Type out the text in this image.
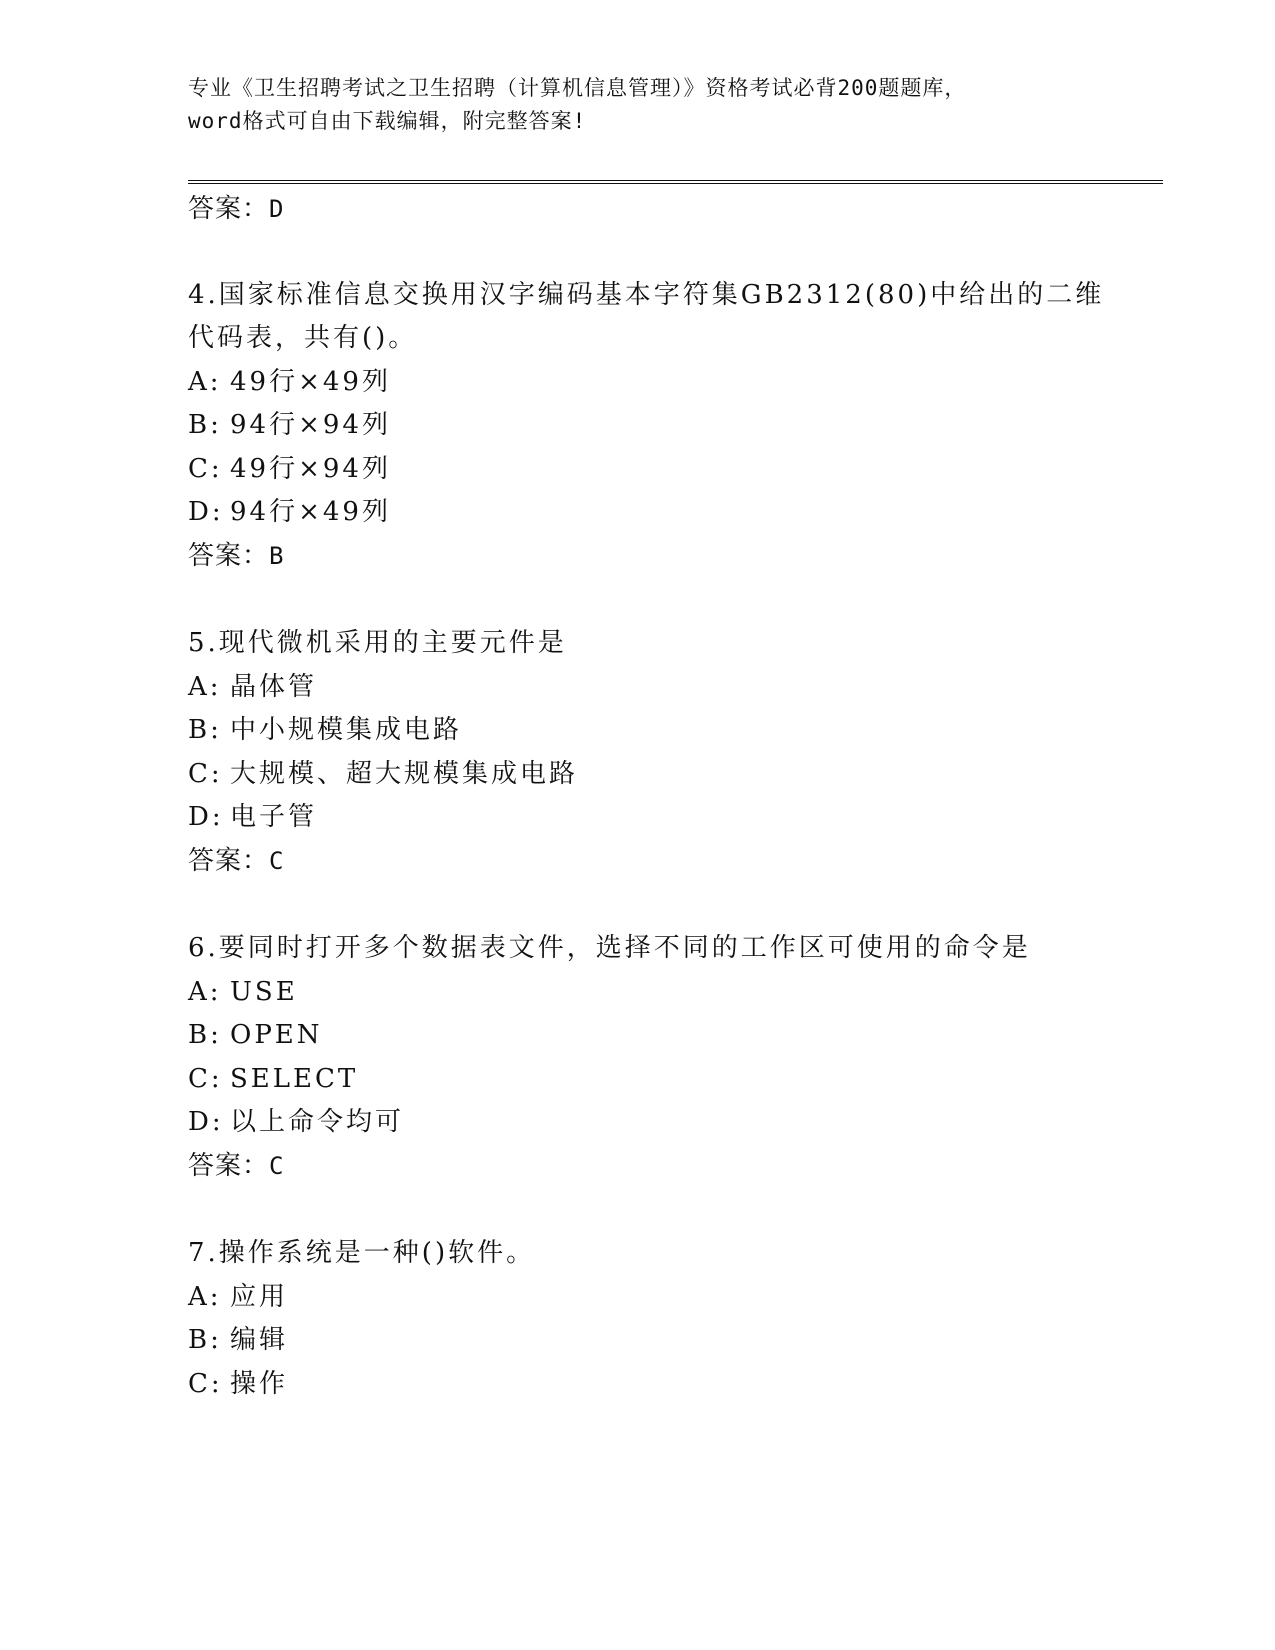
专业《卫生招聘考试之卫生招聘（计算机信息管理）》资格考试必背200题题库，
word格式可自由下载编辑，附完整答案!
答案：D
4.国家标准信息交换用汉字编码基本字符集GB2312(80)中给出的二维
代码表，共有()。
A: 49行×49列
B: 94行×94列
C: 49行×94列
D: 94行×49列
答案：B
5.现代微机采用的主要元件是
A: 晶体管
B: 中小规模集成电路
C: 大规模、超大规模集成电路
D: 电子管
答案：C
6.要同时打开多个数据表文件，选择不同的工作区可使用的命令是
A: USE
B: OPEN
C: SELECT
D: 以上命令均可
答案：C
7.操作系统是一种()软件。
A: 应用
B: 编辑
C: 操作
